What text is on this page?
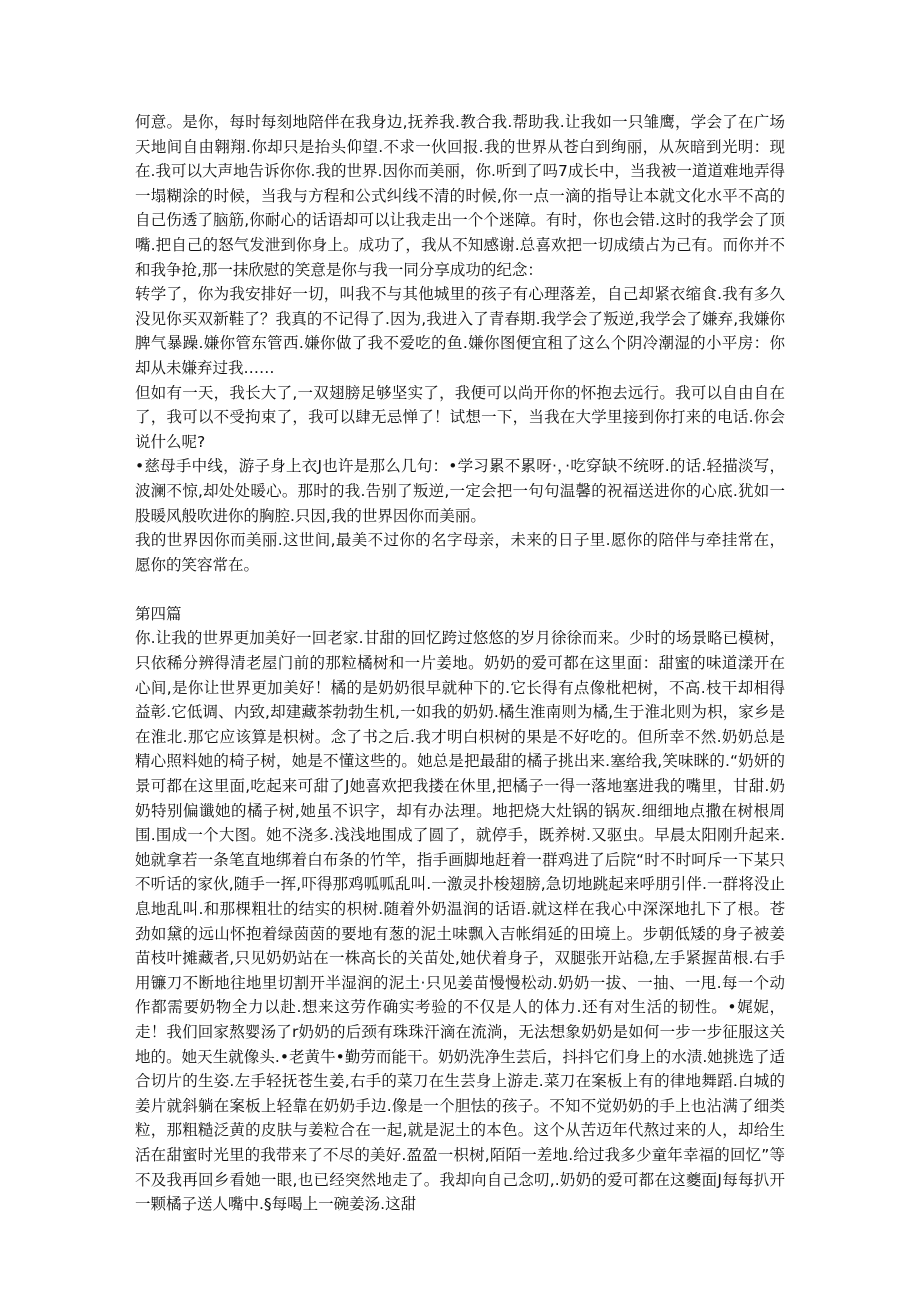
何意。是你，每时每刻地陪伴在我身边,抚养我.教合我.帮助我.让我如一只雏鹰，学会了在广场天地间自由翱翔.你却只是抬头仰望.不求一伙回报.我的世界从苍白到绚丽，从灰暗到光明：现在.我可以大声地告诉你你.我的世界.因你而美丽，你.听到了吗7成长中，当我被一道道难地弄得一塌糊涂的时候，当我与方程和公式纠线不清的时候,你一点一滴的指导让本就文化水平不高的自己伤透了脑筋,你耐心的话语却可以让我走出一个个迷障。有时，你也会错.这时的我学会了顶嘴.把自己的怒气发泄到你身上。成功了，我从不知感谢.总喜欢把一切成绩占为己有。而你并不和我争抢,那一抹欣慰的笑意是你与我一同分享成功的纪念：

转学了，你为我安排好一切，叫我不与其他城里的孩子有心理落差，自己却紧衣缩食.我有多久没见你买双新鞋了？我真的不记得了.因为,我进入了青春期.我学会了叛逆,我学会了嫌弃,我嫌你脾气暴躁.嫌你管东管西.嫌你做了我不爱吃的鱼.嫌你图便宜租了这么个阴冷潮湿的小平房：你却从未嫌弃过我……

但如有一天，我长大了,一双翅膀足够坚实了，我便可以尚开你的怀抱去远行。我可以自由自在了，我可以不受拘束了，我可以肆无忌惮了！试想一下，当我在大学里接到你打来的电话.你会说什么呢?

•慈母手中线，游子身上衣J也许是那么几句：•学习累不累呀·，·吃穿缺不统呀.的话.轻描淡写，波澜不惊,却处处暖心。那时的我.告别了叛逆,一定会把一句句温馨的祝福送进你的心底.犹如一股暖风般吹进你的胸腔.只因,我的世界因你而美丽。

我的世界因你而美丽.这世间,最美不过你的名字母亲，未来的日子里.愿你的陪伴与牵挂常在，愿你的笑容常在。

第四篇

你.让我的世界更加美好一回老家.甘甜的回忆跨过悠悠的岁月徐徐而来。少时的场景略已模树，只依稀分辨得清老屋门前的那粒橘树和一片姜地。奶奶的爱可都在这里面：甜蜜的味道漾开在心间,是你让世界更加美好！橘的是奶奶很早就种下的.它长得有点像枇杷树，不高.枝干却相得益彰.它低调、内致,却建藏茶勃勃生机,一如我的奶奶.橘生淮南则为橘,生于淮北则为枳，家乡是在淮北.那它应该算是枳树。念了书之后.我才明白枳树的果是不好吃的。但所幸不然.奶奶总是精心照料她的椅子树，她是不懂这些的。她总是把最甜的橘子挑出来.塞给我,笑味眯的.“奶妍的景可都在这里面,吃起来可甜了J她喜欢把我搂在休里,把橘子一得一落地塞进我的嘴里，甘甜.奶奶特别偏谶她的橘子树,她虽不识字，却有办法理。地把烧大灶锅的锅灰.细细地点撒在树根周围.围成一个大图。她不浇多.浅浅地围成了圆了，就停手，既养树.又驱虫。早晨太阳刚升起来.她就拿若一条笔直地绑着白布条的竹竿，指手画脚地赶着一群鸡进了后院“时不时呵斥一下某只不听话的家伙,随手一挥,吓得那鸡呱呱乱叫.一激灵扑梭翅膀,急切地跳起来呼朋引伴.一群将没止息地乱叫.和那棵粗壮的结实的枳树.随着外奶温润的话语.就这样在我心中深深地扎下了根。苍劲如黛的远山怀抱着绿茵茵的要地有葱的泥土味飘入吉帐绢延的田境上。步朝低矮的身子被姜苗枝叶摊藏者,只见奶奶站在一株高长的关苗处,她伏着身子，双腿张开站稳,左手紧握苗根.右手用镰刀不断地往地里切割开半湿润的泥土·只见姜苗慢慢松动.奶奶一拔、一抽、一甩.每一个动作都需要奶物全力以赴.想来这劳作确实考验的不仅是人的体力.还有对生活的韧性。•娓妮，走！我们回家熬婴汤了r奶奶的后颈有珠珠汗滴在流淌，无法想象奶奶是如何一步一步征服这关地的。她天生就像头.•老黄牛•勤劳而能干。奶奶洗净生芸后，抖抖它们身上的水渍.她挑选了适合切片的生姿.左手轻抚苍生姜,右手的菜刀在生芸身上游走.菜刀在案板上有的律地舞蹈.白城的姜片就斜躺在案板上轻靠在奶奶手边.像是一个胆怯的孩子。不知不觉奶奶的手上也沾满了细类粒，那粗糙泛黄的皮肤与姜粒合在一起,就是泥土的本色。这个从苦迈年代熬过来的人，却给生活在甜蜜时光里的我带来了不尽的美好.盈盈一枳树,陌陌一差地.给过我多少童年幸福的回忆”等不及我再回乡看她一眼,也已经突然地走了。我却向自己念叨,.奶奶的爱可都在这夔面J每每扒开一颗橘子送人嘴中.§每喝上一碗姜汤.这甜
